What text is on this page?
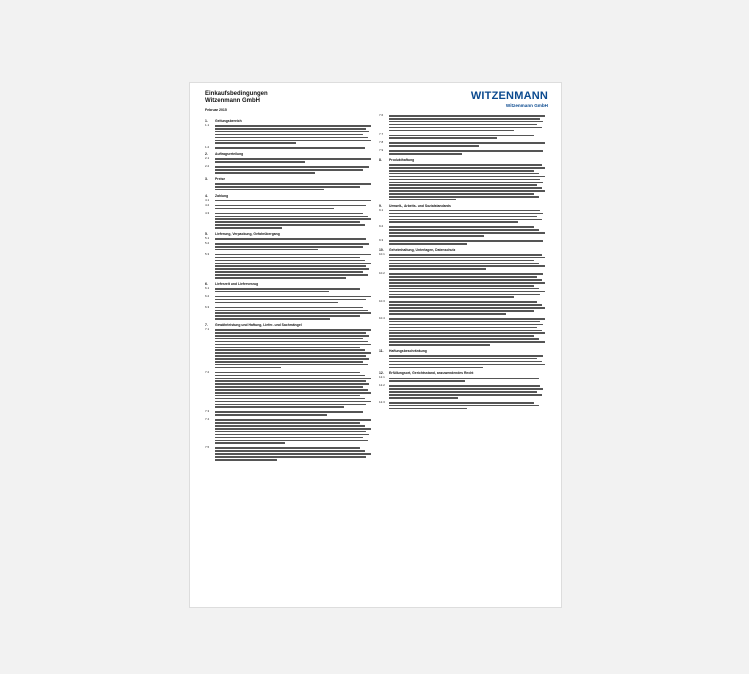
Einkaufsbedingungen
Witzenmann GmbH
Februar 2015
WITZENMANN
Witzenmann GmbH
1.	Geltungsbereich
1.1
1.2
2.	Auftragserteilung
2.1
2.2
3.	Preise
4.	Zahlung
4.1
4.2
4.3
5.	Lieferung, Verpackung, Gefahrübergang
5.1
5.2
5.3
6.	Lieferzeit und Lieferverzug
6.1
6.2
6.3
7.	Gewährleistung und Haftung, Liefer- und Sachmängel
7.1
7.2
7.3
7.4
7.5
7.6
7.7
7.8
7.9
8.	Produkthaftung
9.	Umwelt-, Arbeits- und Sozialstandards
9.1
9.2
9.3
10.	Geheimhaltung, Unterlagen, Datenschutz
10.1
10.2
10.3
10.4
11.	Haftungsbeschränkung
12.	Erfüllungsort, Gerichtsstand, anzuwendendes Recht
12.1
12.2
12.3
